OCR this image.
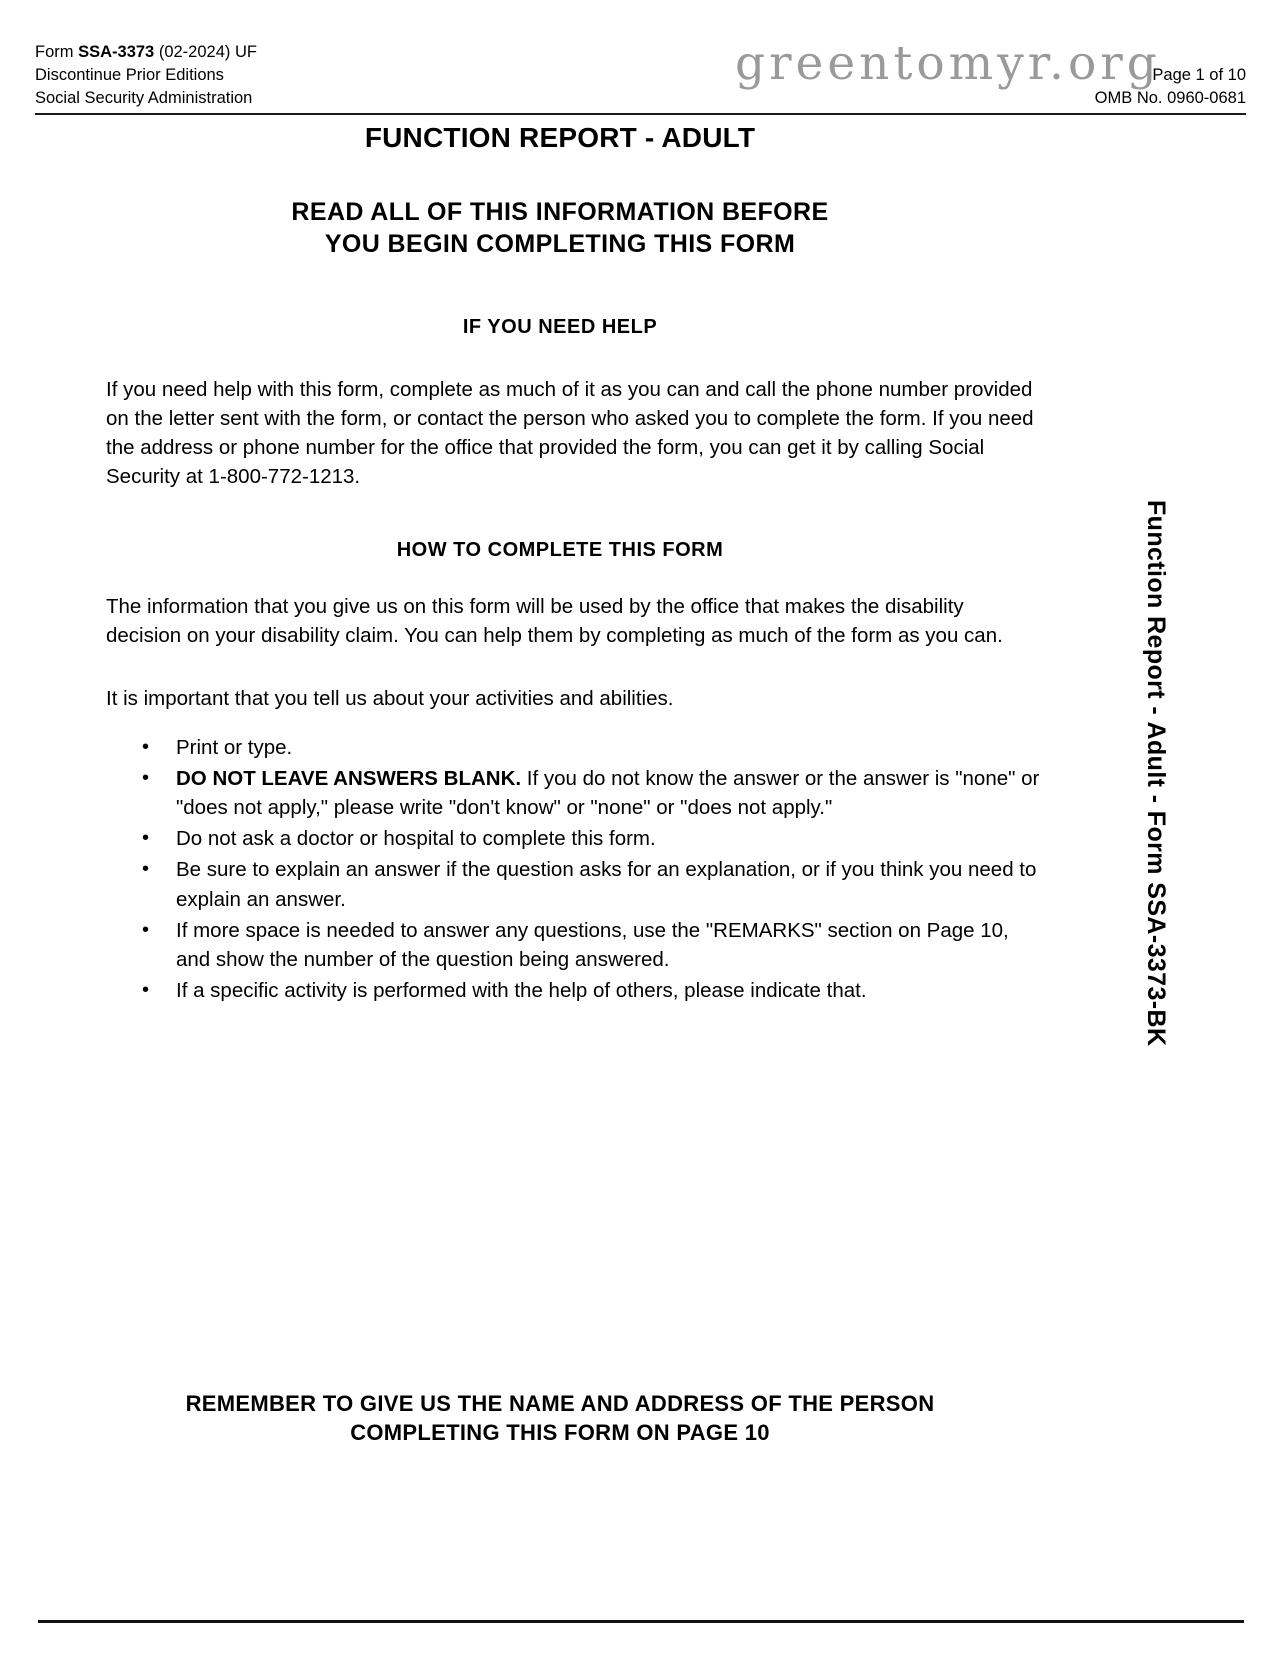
greentomyr.org
Form SSA-3373 (02-2024) UF
Discontinue Prior Editions
Social Security Administration
Page 1 of 10
OMB No. 0960-0681
FUNCTION REPORT - ADULT
READ ALL OF THIS INFORMATION BEFORE
YOU BEGIN COMPLETING THIS FORM
IF YOU NEED HELP
If you need help with this form, complete as much of it as you can and call the phone number provided on the letter sent with the form, or contact the person who asked you to complete the form. If you need the address or phone number for the office that provided the form, you can get it by calling Social Security at 1-800-772-1213.
HOW TO COMPLETE THIS FORM
The information that you give us on this form will be used by the office that makes the disability decision on your disability claim. You can help them by completing as much of the form as you can.
It is important that you tell us about your activities and abilities.
• Print or type.
• DO NOT LEAVE ANSWERS BLANK. If you do not know the answer or the answer is "none" or "does not apply," please write "don't know" or "none" or "does not apply."
• Do not ask a doctor or hospital to complete this form.
• Be sure to explain an answer if the question asks for an explanation, or if you think you need to explain an answer.
• If more space is needed to answer any questions, use the "REMARKS" section on Page 10, and show the number of the question being answered.
• If a specific activity is performed with the help of others, please indicate that.	Function Report - Adult - Form SSA-3373-BK
REMEMBER TO GIVE US THE NAME AND ADDRESS OF THE PERSON
COMPLETING THIS FORM ON PAGE 10
